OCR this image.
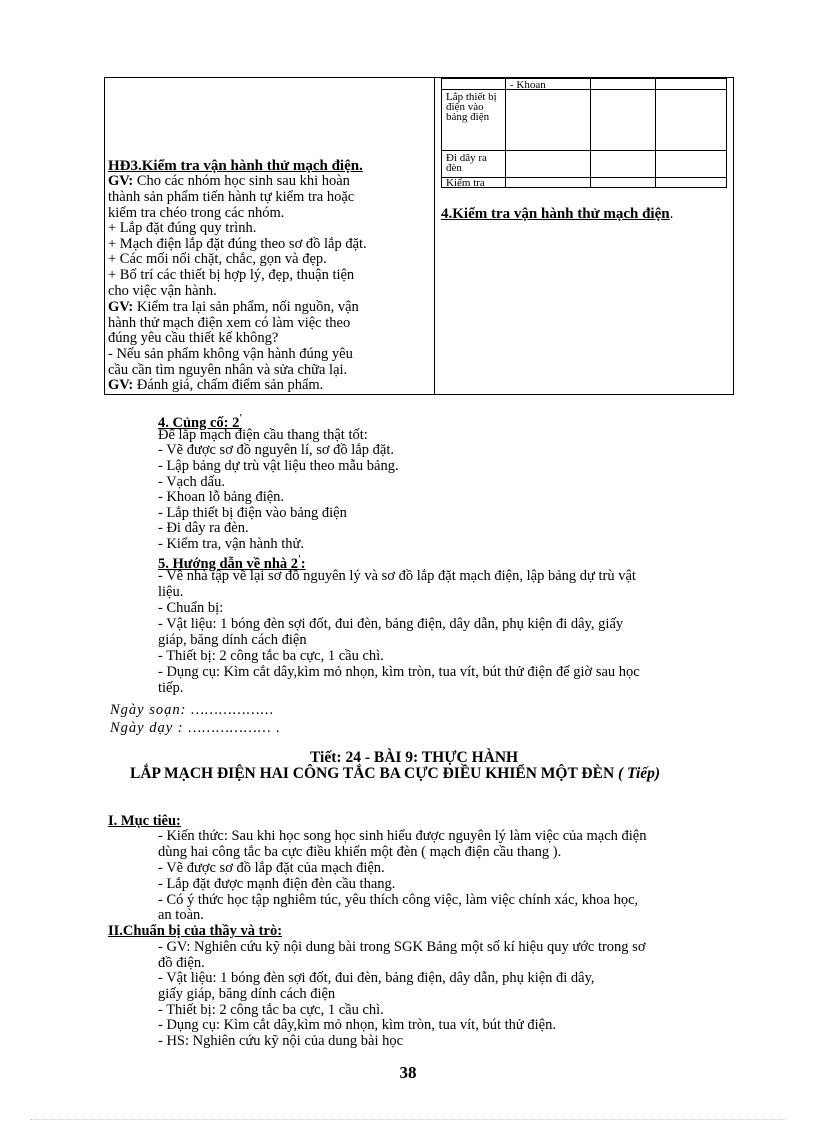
HĐ3.Kiểm tra vận hành thử mạch điện.
GV: Cho các nhóm học sinh sau khi hoàn
thành sản phẩm tiến hành tự kiểm tra hoặc
kiểm tra chéo trong các nhóm.
+ Lắp đặt đúng quy trình.
+ Mạch điện lắp đặt đúng theo sơ đồ lắp đặt.
+ Các mối nối chặt, chắc, gọn và đẹp.
+ Bố trí các thiết bị hợp lý, đẹp, thuận tiện
cho việc vận hành.
GV: Kiểm tra lại sản phẩm, nối nguồn, vận
hành thử mạch điện xem có làm việc theo
đúng yêu cầu thiết kế không?
- Nếu sản phẩm không vận hành đúng yêu
cầu cần tìm nguyên nhân và sửa chữa lại.
GV: Đánh giá, chấm điểm sản phẩm.
- Khoan
Lắp thiết bị điện vào bảng điện
Đi dây ra đèn
Kiểm tra
4.Kiểm tra vận hành thử mạch điện.
4. Củng cố: 2'
Để lắp mạch điện cầu thang thật tốt:
- Vẽ được sơ đồ nguyên lí, sơ đồ lắp đặt.
- Lập bảng dự trù vật liệu theo mẫu bảng.
- Vạch dấu.
- Khoan lỗ bảng điện.
- Lắp thiết bị điện vào bảng điện
- Đi dây ra đèn.
- Kiểm tra, vận hành thử.
5. Hướng dẫn về nhà 2':
- Về nhà tập vẽ lại sơ đồ nguyên lý và sơ đồ lắp đặt mạch điện, lập bảng dự trù vật
liệu.
- Chuẩn bị:
- Vật liệu: 1 bóng đèn sợi đốt, đui đèn, bảng điện, dây dẫn, phụ kiện đi dây, giấy
giáp, băng dính cách điện
- Thiết bị: 2 công tắc ba cực, 1 cầu chì.
- Dụng cụ: Kìm cắt dây,kìm mỏ nhọn, kìm tròn, tua vít, bút thử điện để giờ sau học
tiếp.
Ngày soạn: ……………...
Ngày dạy : ……………… .
Tiết: 24 - BÀI 9: THỰC HÀNH
LẮP MẠCH ĐIỆN HAI CÔNG TẮC BA CỰC ĐIỀU KHIỂN MỘT ĐÈN ( Tiếp)
I. Mục tiêu:
- Kiến thức: Sau khi học song học sinh hiểu được nguyên lý làm việc của mạch điện
dùng hai công tắc ba cực điều khiển một đèn ( mạch điện cầu thang ).
- Vẽ được sơ đồ lắp đặt của mạch điện.
- Lắp đặt được mạnh điện đèn cầu thang.
- Có ý thức học tập nghiêm túc, yêu thích công việc, làm việc chính xác, khoa học,
an toàn.
II.Chuẩn bị của thầy và trò:
- GV: Nghiên cứu kỹ nội dung bài trong SGK Bảng một số kí hiệu quy ước trong sơ
đồ điện.
- Vật liệu: 1 bóng đèn sợi đốt, đui đèn, bảng điện, dây dẫn, phụ kiện đi dây,
giấy giáp, băng dính cách điện
- Thiết bị: 2 công tắc ba cực, 1 cầu chì.
- Dụng cụ: Kìm cắt dây,kìm mỏ nhọn, kìm tròn, tua vít, bút thử điện.
- HS: Nghiên cứu kỹ nội của dung bài học
38
